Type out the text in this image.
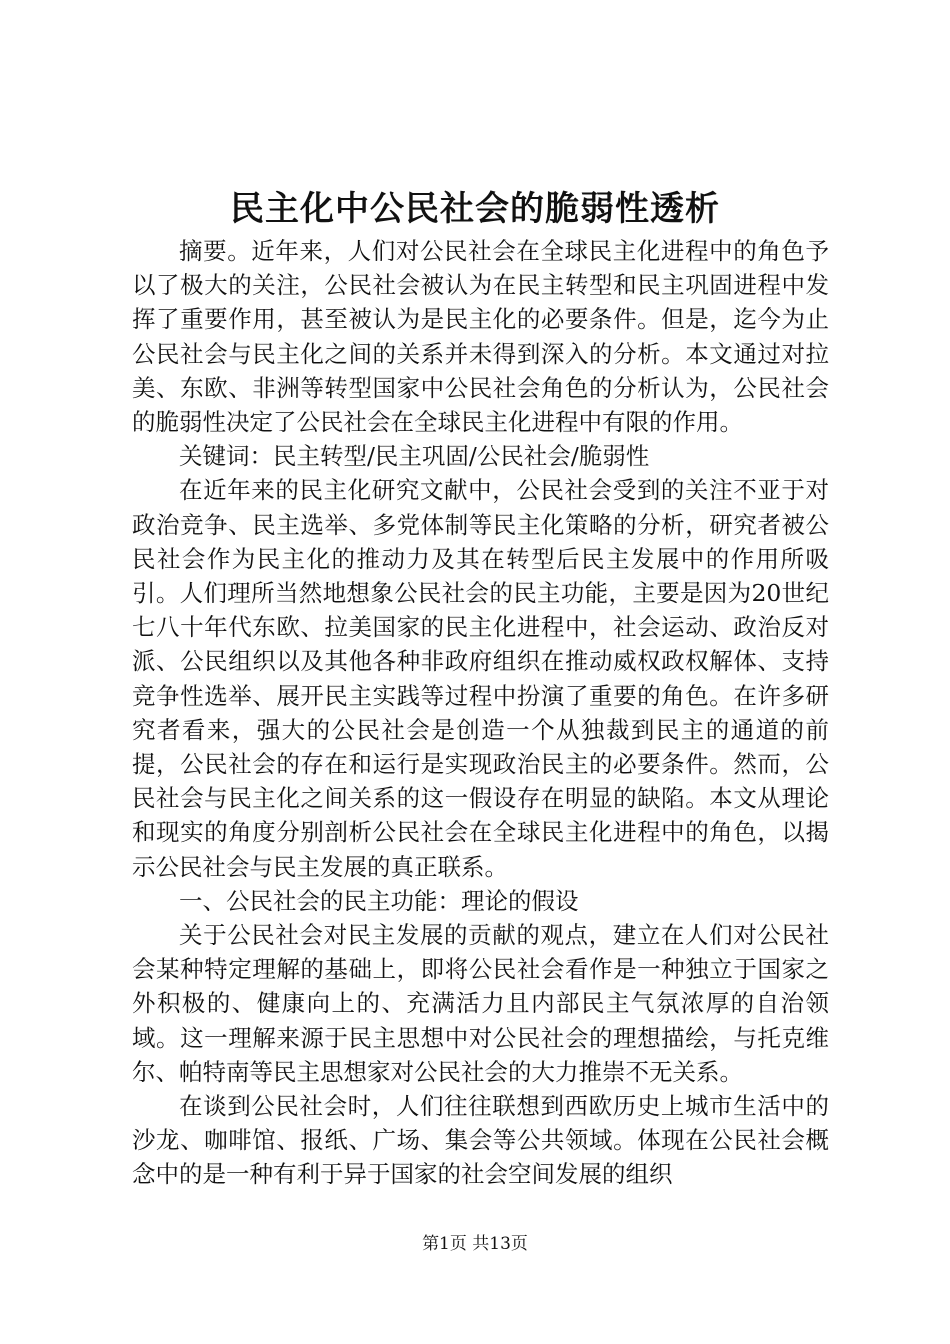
民主化中公民社会的脆弱性透析

摘要。近年来，人们对公民社会在全球民主化进程中的角色予以了极大的关注，公民社会被认为在民主转型和民主巩固进程中发挥了重要作用，甚至被认为是民主化的必要条件。但是，迄今为止公民社会与民主化之间的关系并未得到深入的分析。本文通过对拉美、东欧、非洲等转型国家中公民社会角色的分析认为，公民社会的脆弱性决定了公民社会在全球民主化进程中有限的作用。

关键词：民主转型/民主巩固/公民社会/脆弱性

在近年来的民主化研究文献中，公民社会受到的关注不亚于对政治竞争、民主选举、多党体制等民主化策略的分析，研究者被公民社会作为民主化的推动力及其在转型后民主发展中的作用所吸引。人们理所当然地想象公民社会的民主功能，主要是因为20世纪七八十年代东欧、拉美国家的民主化进程中，社会运动、政治反对派、公民组织以及其他各种非政府组织在推动威权政权解体、支持竞争性选举、展开民主实践等过程中扮演了重要的角色。在许多研究者看来，强大的公民社会是创造一个从独裁到民主的通道的前提，公民社会的存在和运行是实现政治民主的必要条件。然而，公民社会与民主化之间关系的这一假设存在明显的缺陷。本文从理论和现实的角度分别剖析公民社会在全球民主化进程中的角色，以揭示公民社会与民主发展的真正联系。

一、公民社会的民主功能：理论的假设

关于公民社会对民主发展的贡献的观点，建立在人们对公民社会某种特定理解的基础上，即将公民社会看作是一种独立于国家之外积极的、健康向上的、充满活力且内部民主气氛浓厚的自治领域。这一理解来源于民主思想中对公民社会的理想描绘，与托克维尔、帕特南等民主思想家对公民社会的大力推崇不无关系。

在谈到公民社会时，人们往往联想到西欧历史上城市生活中的沙龙、咖啡馆、报纸、广场、集会等公共领域。体现在公民社会概念中的是一种有利于异于国家的社会空间发展的组织

第1页 共13页
